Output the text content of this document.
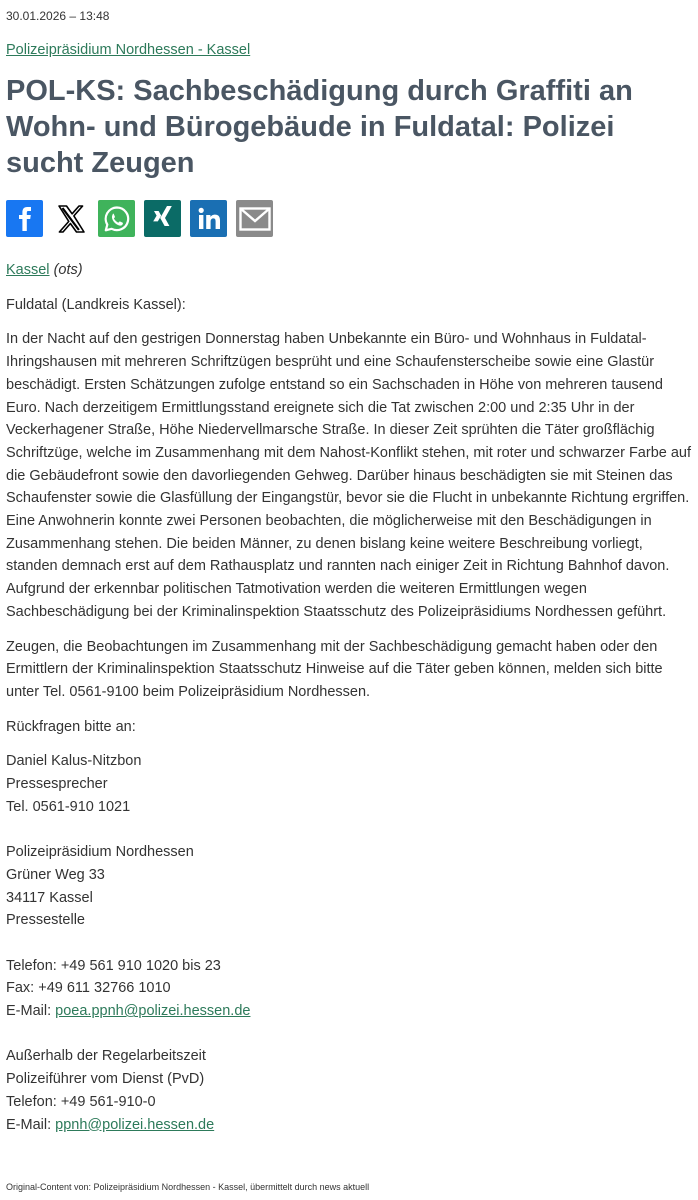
30.01.2026 – 13:48
Polizeipräsidium Nordhessen - Kassel
POL-KS: Sachbeschädigung durch Graffiti an Wohn- und Bürogebäude in Fuldatal: Polizei sucht Zeugen

Kassel (ots)

Fuldatal (Landkreis Kassel):

In der Nacht auf den gestrigen Donnerstag haben Unbekannte ein Büro- und Wohnhaus in Fuldatal-Ihringshausen mit mehreren Schriftzügen besprüht und eine Schaufensterscheibe sowie eine Glastür beschädigt. Ersten Schätzungen zufolge entstand so ein Sachschaden in Höhe von mehreren tausend Euro. Nach derzeitigem Ermittlungsstand ereignete sich die Tat zwischen 2:00 und 2:35 Uhr in der Veckerhagener Straße, Höhe Niedervellmarsche Straße. In dieser Zeit sprühten die Täter großflächig Schriftzüge, welche im Zusammenhang mit dem Nahost-Konflikt stehen, mit roter und schwarzer Farbe auf die Gebäudefront sowie den davorliegenden Gehweg. Darüber hinaus beschädigten sie mit Steinen das Schaufenster sowie die Glasfüllung der Eingangstür, bevor sie die Flucht in unbekannte Richtung ergriffen. Eine Anwohnerin konnte zwei Personen beobachten, die möglicherweise mit den Beschädigungen in Zusammenhang stehen. Die beiden Männer, zu denen bislang keine weitere Beschreibung vorliegt, standen demnach erst auf dem Rathausplatz und rannten nach einiger Zeit in Richtung Bahnhof davon. Aufgrund der erkennbar politischen Tatmotivation werden die weiteren Ermittlungen wegen Sachbeschädigung bei der Kriminalinspektion Staatsschutz des Polizeipräsidiums Nordhessen geführt.

Zeugen, die Beobachtungen im Zusammenhang mit der Sachbeschädigung gemacht haben oder den Ermittlern der Kriminalinspektion Staatsschutz Hinweise auf die Täter geben können, melden sich bitte unter Tel. 0561-9100 beim Polizeipräsidium Nordhessen.

Rückfragen bitte an:

Daniel Kalus-Nitzbon
Pressesprecher
Tel. 0561-910 1021
Polizeipräsidium Nordhessen
Grüner Weg 33
34117 Kassel
Pressestelle
Telefon: +49 561 910 1020 bis 23
Fax: +49 611 32766 1010
E-Mail: poea.ppnh@polizei.hessen.de
Außerhalb der Regelarbeitszeit
Polizeiführer vom Dienst (PvD)
Telefon: +49 561-910-0
E-Mail: ppnh@polizei.hessen.de
Original-Content von: Polizeipräsidium Nordhessen - Kassel, übermittelt durch news aktuell
